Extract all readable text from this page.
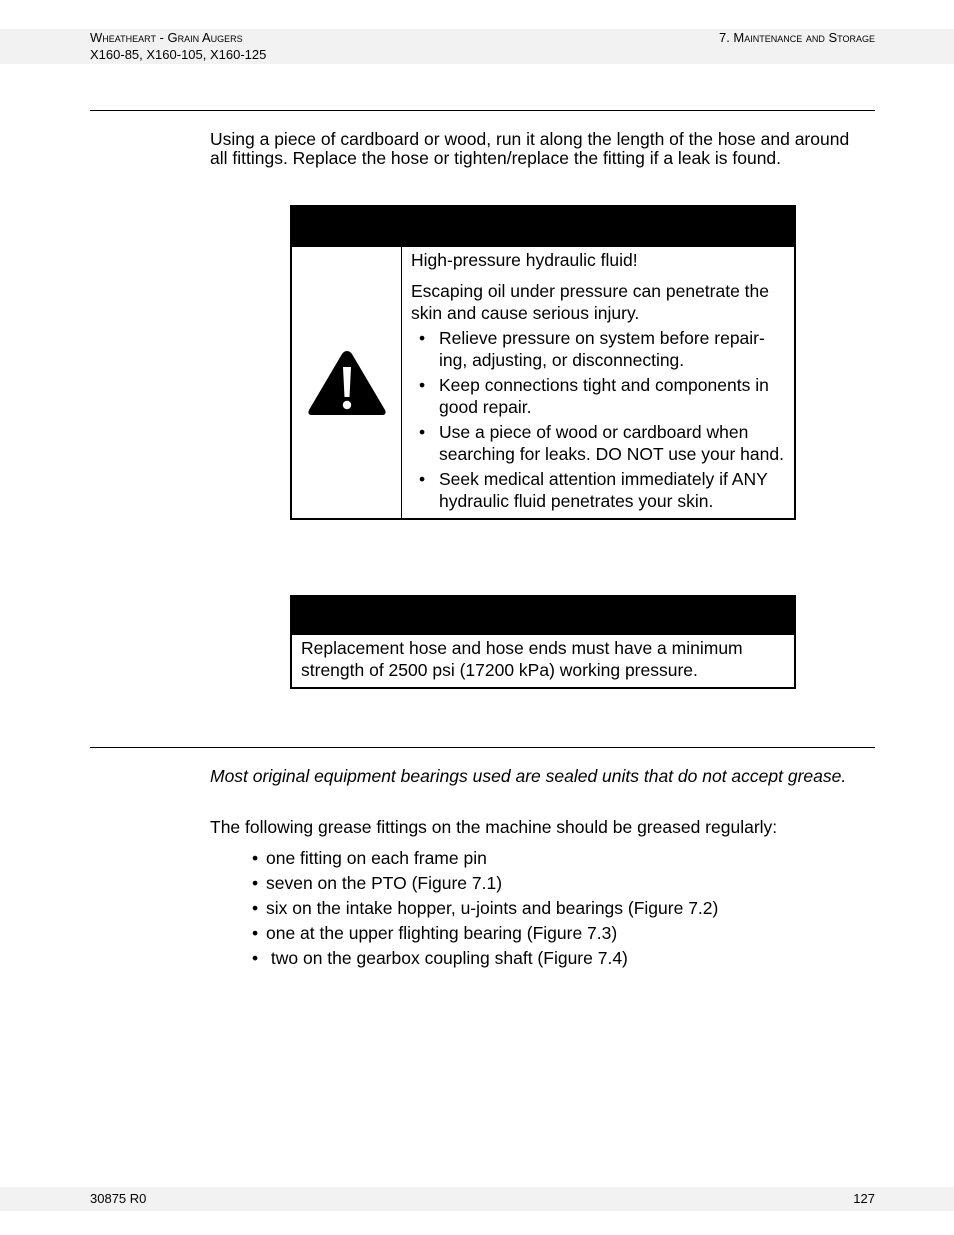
Wheatheart - Grain Augers
X160-85, X160-105, X160-125
7. Maintenance and Storage

Using a piece of cardboard or wood, run it along the length of the hose and around all fittings. Replace the hose or tighten/replace the fitting if a leak is found.

High-pressure hydraulic fluid!

Escaping oil under pressure can penetrate the skin and cause serious injury.

• Relieve pressure on system before repair-ing, adjusting, or disconnecting.
• Keep connections tight and components in good repair.
• Use a piece of wood or cardboard when searching for leaks. DO NOT use your hand.
• Seek medical attention immediately if ANY hydraulic fluid penetrates your skin.
Replacement hose and hose ends must have a minimum strength of 2500 psi (17200 kPa) working pressure.

Most original equipment bearings used are sealed units that do not accept grease.

The following grease fittings on the machine should be greased regularly:

• one fitting on each frame pin
• seven on the PTO (Figure 7.1)
• six on the intake hopper, u-joints and bearings (Figure 7.2)
• one at the upper flighting bearing (Figure 7.3)
•  two on the gearbox coupling shaft (Figure 7.4)
30875 R0	127
